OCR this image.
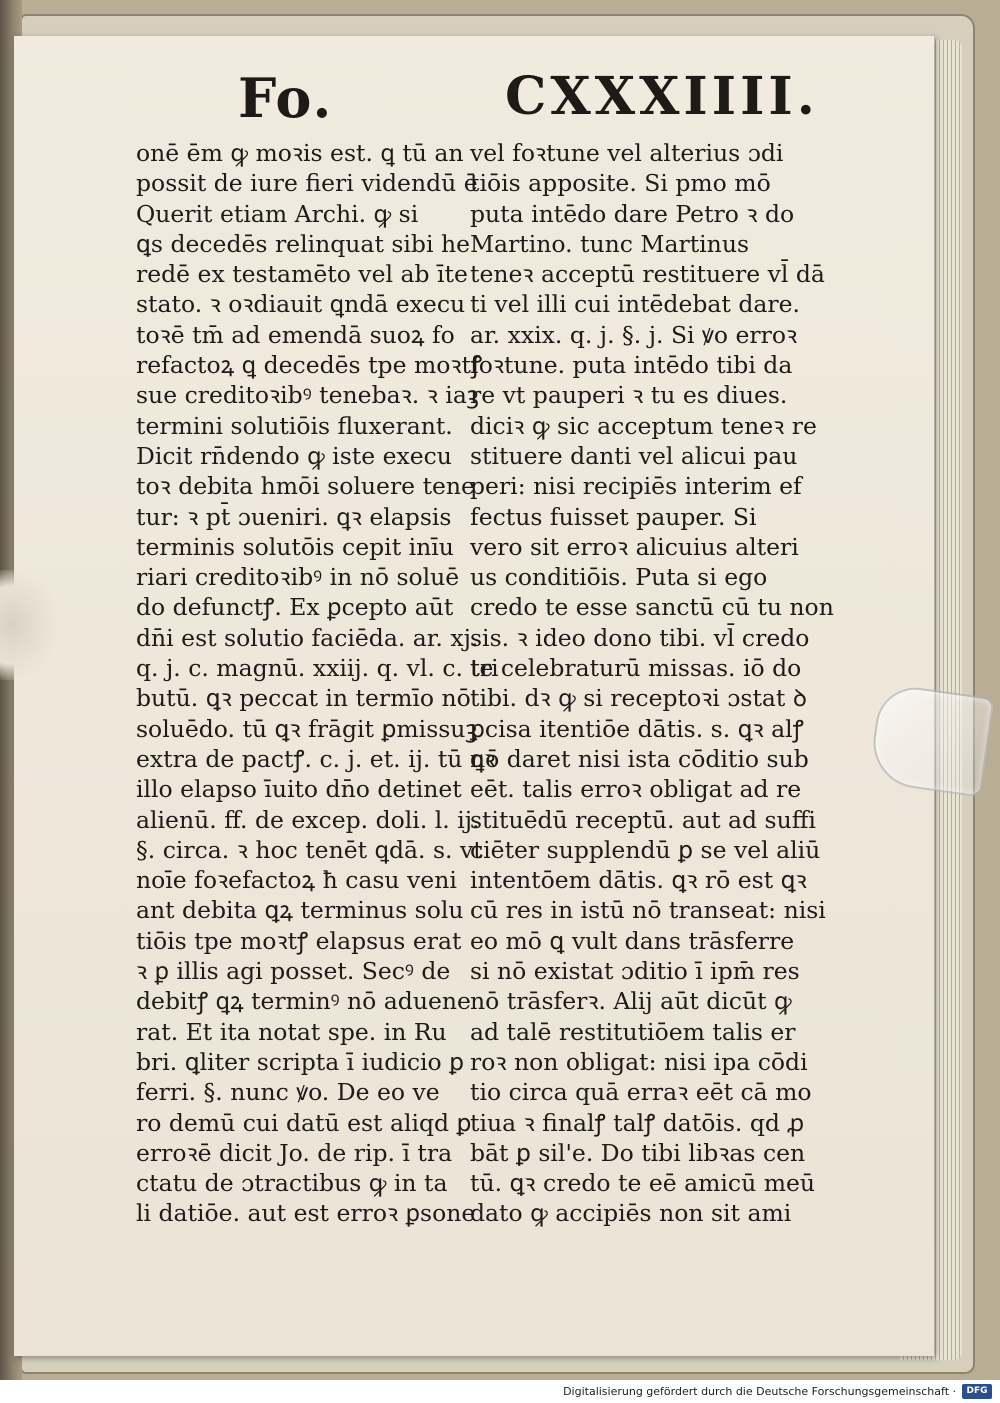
Fo.	CXXXIIII.
onē ēm ꝙ moꝛis est. ꝗ tū an
possit de iure fieri videndū ē
Querit etiam Archi. ꝙ si
ꝗs decedēs relinquat sibi he
redē ex testamēto vel ab īte
stato. ꝛ oꝛdiauit ꝗndā execu
toꝛē tm̄ ad emendā suoꝝ fo
refactoꝝ ꝗ decedēs tpe moꝛtꝭ
sue creditoꝛibꝰ tenebaꝛ. ꝛ iaꝫ
termini solutiōis fluxerant.
Dicit rn̄dendo ꝙ iste execu
toꝛ debita hmōi soluere tene
tur: ꝛ pt̄ ɔueniri. ꝗꝛ elapsis
terminis solutōis cepit inīu
riari creditoꝛibꝰ in nō soluē
do defunctꝭ. Ex ꝑcepto aūt
dn̄i est solutio faciēda. ar. xj.
q. j. c. magnū. xxiij. q. vl. c. tri
butū. ꝗꝛ peccat in termīo nō
soluēdo. tū ꝗꝛ frāgit ꝑmissuꝫ
extra de pactꝭ. c. j. et. ij. tū ꝗꝛ
illo elapso īuito dn̄o detinet
alienū. ff. de excep. doli. l. ij.
§. circa. ꝛ hoc tenēt ꝗdā. s. vt
noīe foꝛefactoꝝ ħ casu veni
ant debita ꝗꝝ terminus solu
tiōis tpe moꝛtꝭ elapsus erat
ꝛ ꝑ illis agi posset. Secꝰ de
debitꝭ ꝗꝝ terminꝰ nō aduene
rat. Et ita notat spe. in Ru
bri. ꝗliter scripta ī iudicio ꝑ
ferri. §. nunc ꝟo. De eo ve
ro demū cui datū est aliqd ꝑ
erroꝛē dicit Jo. de rip. ī tra
ctatu de ɔtractibus ꝙ in ta
li datiōe. aut est erroꝛ ꝑsone
vel foꝛtune vel alterius ɔdi
tiōis apposite. Si pmo mō
puta intēdo dare Petro ꝛ do
Martino. tunc Martinus
teneꝛ acceptū restituere vl̄ dā
ti vel illi cui intēdebat dare.
ar. xxix. q. j. §. j. Si ꝟo erroꝛ
foꝛtune. puta intēdo tibi da
re vt pauperi ꝛ tu es diues.
diciꝛ ꝙ sic acceptum teneꝛ re
stituere danti vel alicui pau
peri: nisi recipiēs interim ef
fectus fuisset pauper. Si
vero sit erroꝛ alicuius alteri
us conditiōis. Puta si ego
credo te esse sanctū cū tu non
sis. ꝛ ideo dono tibi. vl̄ credo
te celebraturū missas. iō do
tibi. dꝛ ꝙ si receptoꝛi ɔstat ꝺ
ꝑcisa itentiōe dātis. s. ꝗꝛ alꝭ
nō daret nisi ista cōditio sub
eēt. talis erroꝛ obligat ad re
stituēdū receptū. aut ad suffi
ciēter supplendū ꝑ se vel aliū
intentōem dātis. ꝗꝛ rō est ꝗꝛ
cū res in istū nō transeat: nisi
eo mō ꝗ vult dans trāsferre
si nō existat ɔditio ī ipm̄ res
nō trāsferꝛ. Alij aūt dicūt ꝙ
ad talē restitutiōem talis er
roꝛ non obligat: nisi ipa cōdi
tio circa quā erraꝛ eēt cā mo
tiua ꝛ finalꝭ talꝭ datōis. qd ꝓ
bāt ꝑ sil'e. Do tibi libꝛas cen
tū. ꝗꝛ credo te eē amicū meū
dato ꝙ accipiēs non sit ami
Digitalisierung gefördert durch die Deutsche Forschungsgemeinschaft ·	DFG
